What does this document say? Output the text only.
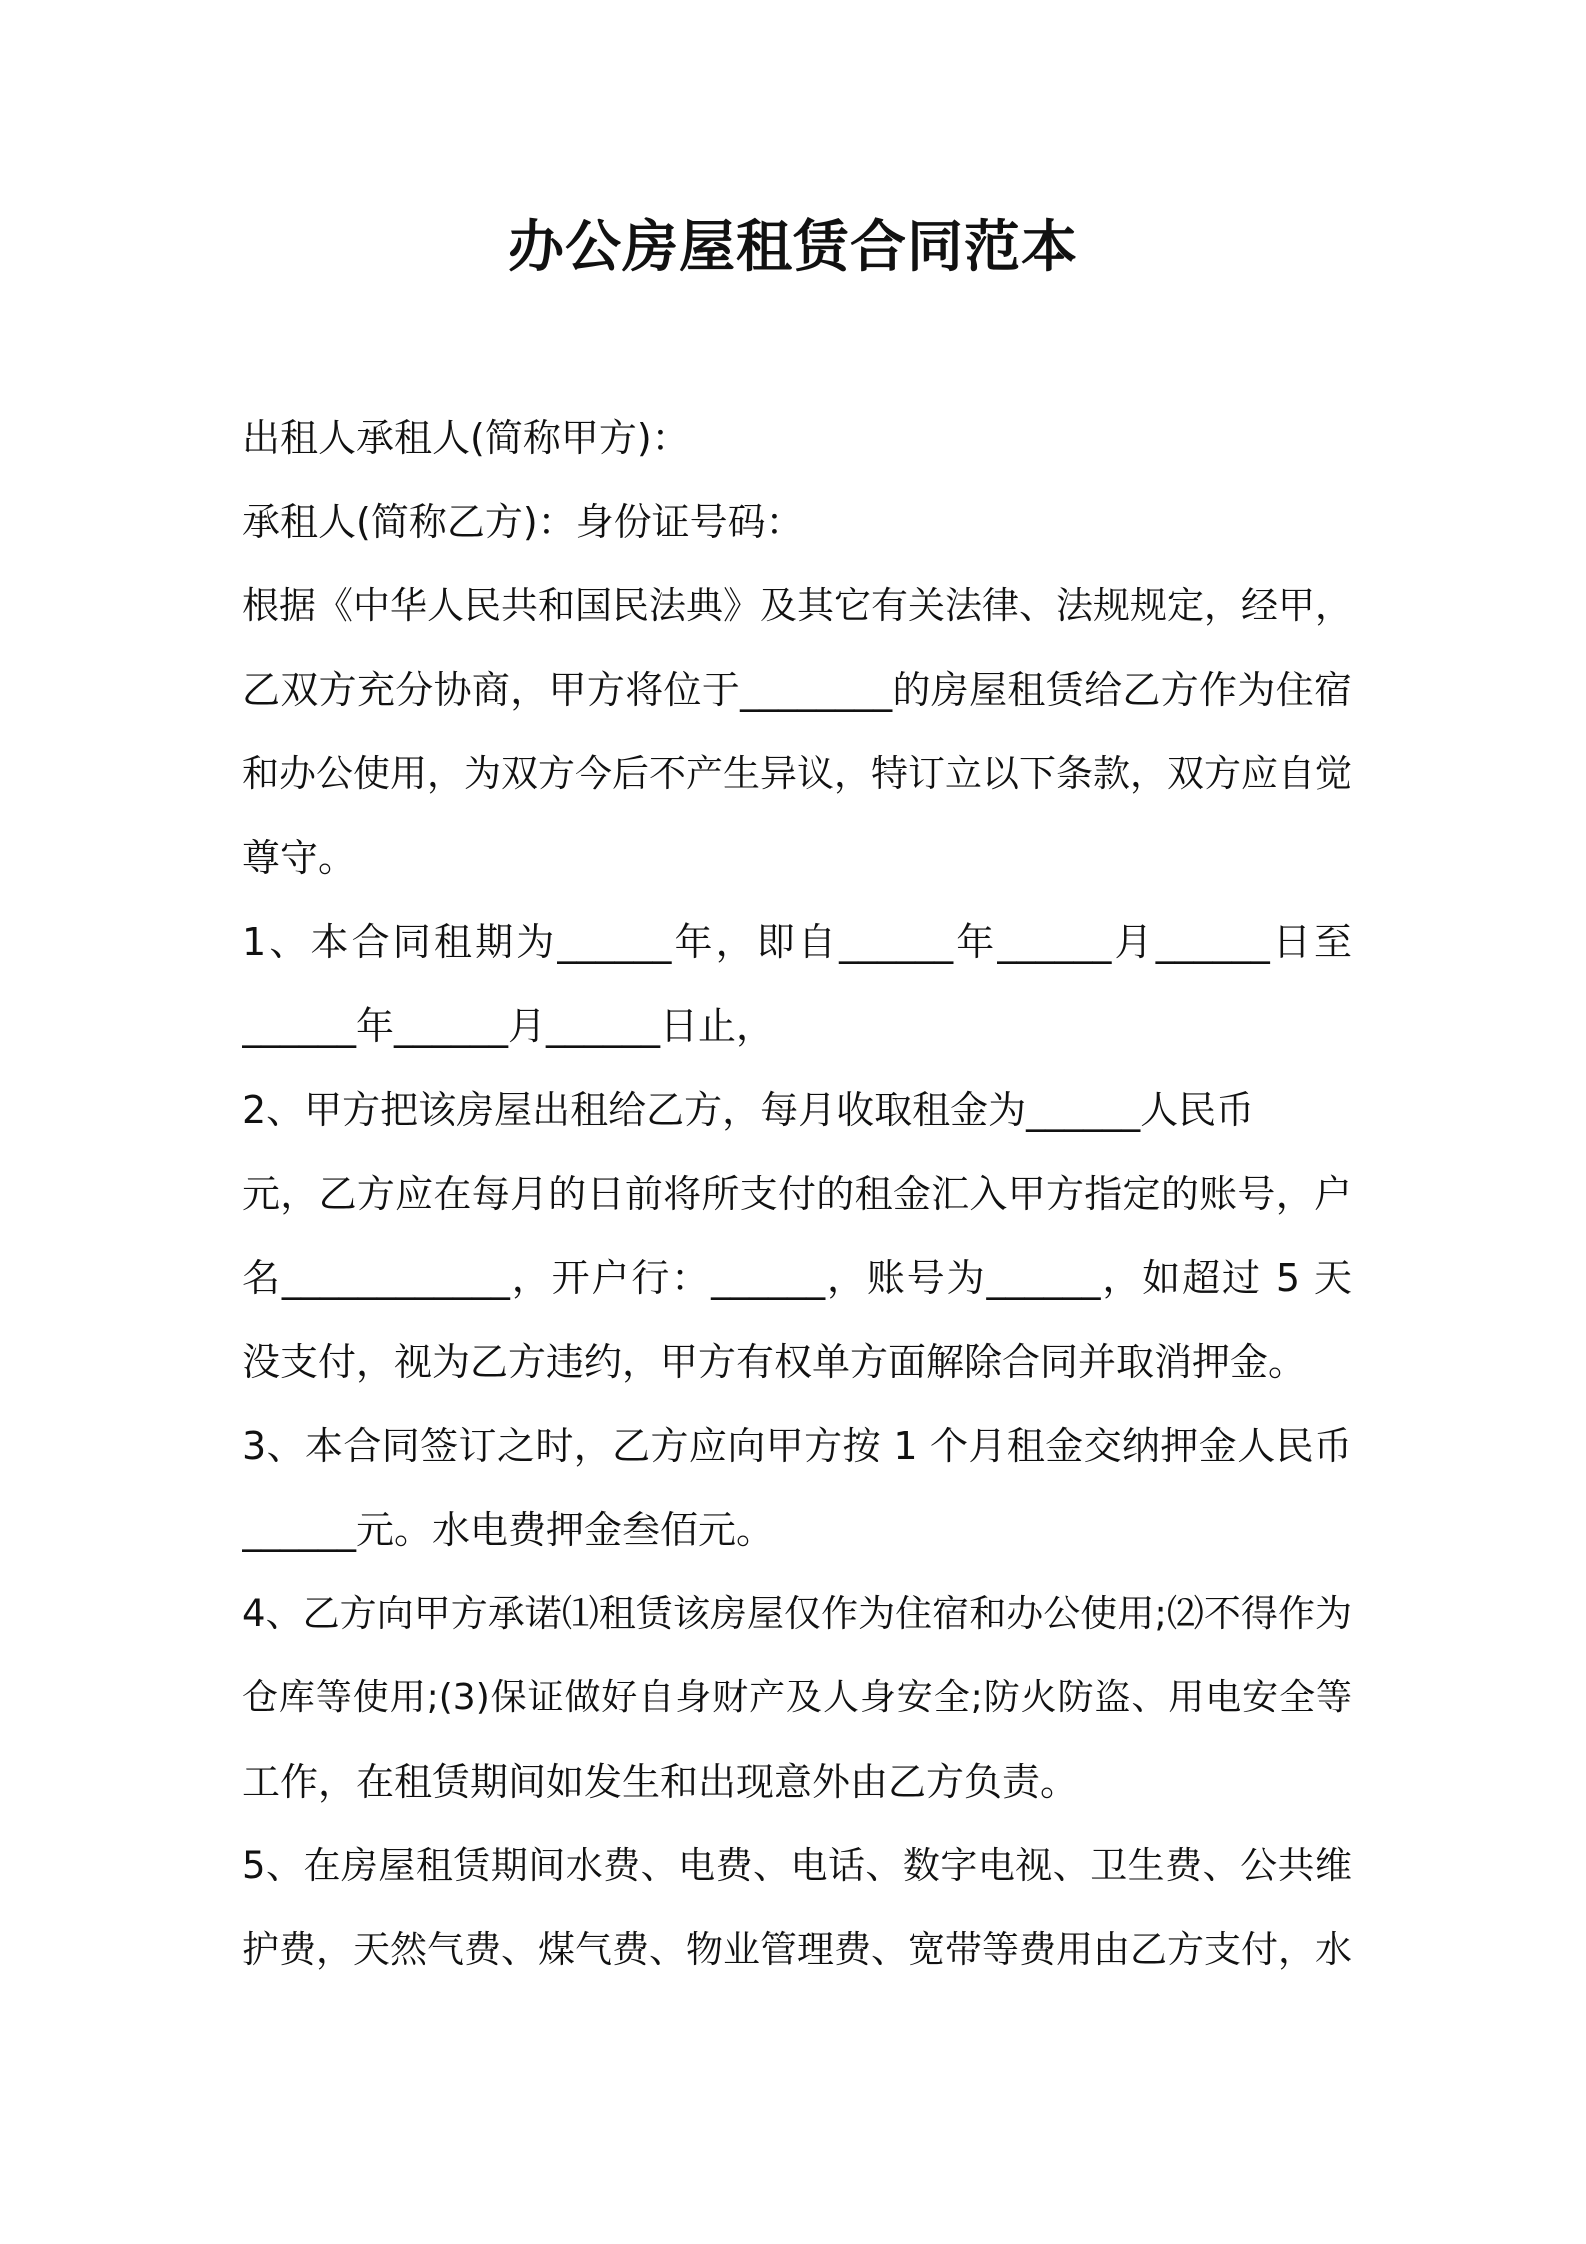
办公房屋租赁合同范本
出租人承租人(简称甲方)：
承租人(简称乙方)：身份证号码：
根据《中华人民共和国民法典》及其它有关法律、法规规定，经甲，
乙双方充分协商，甲方将位于________的房屋租赁给乙方作为住宿
和办公使用，为双方今后不产生异议，特订立以下条款，双方应自觉
尊守。
1、本合同租期为______年，即自______年______月______日至
______年______月______日止，
2、甲方把该房屋出租给乙方，每月收取租金为______人民币
元，乙方应在每月的日前将所支付的租金汇入甲方指定的账号，户
名____________，开户行：______，账号为______，如超过 5 天
没支付，视为乙方违约，甲方有权单方面解除合同并取消押金。
3、本合同签订之时，乙方应向甲方按 1 个月租金交纳押金人民币
______元。水电费押金叁佰元。
4、乙方向甲方承诺⑴租赁该房屋仅作为住宿和办公使用;⑵不得作为
仓库等使用;(3)保证做好自身财产及人身安全;防火防盗、用电安全等
工作，在租赁期间如发生和出现意外由乙方负责。
5、在房屋租赁期间水费、电费、电话、数字电视、卫生费、公共维
护费，天然气费、煤气费、物业管理费、宽带等费用由乙方支付，水
